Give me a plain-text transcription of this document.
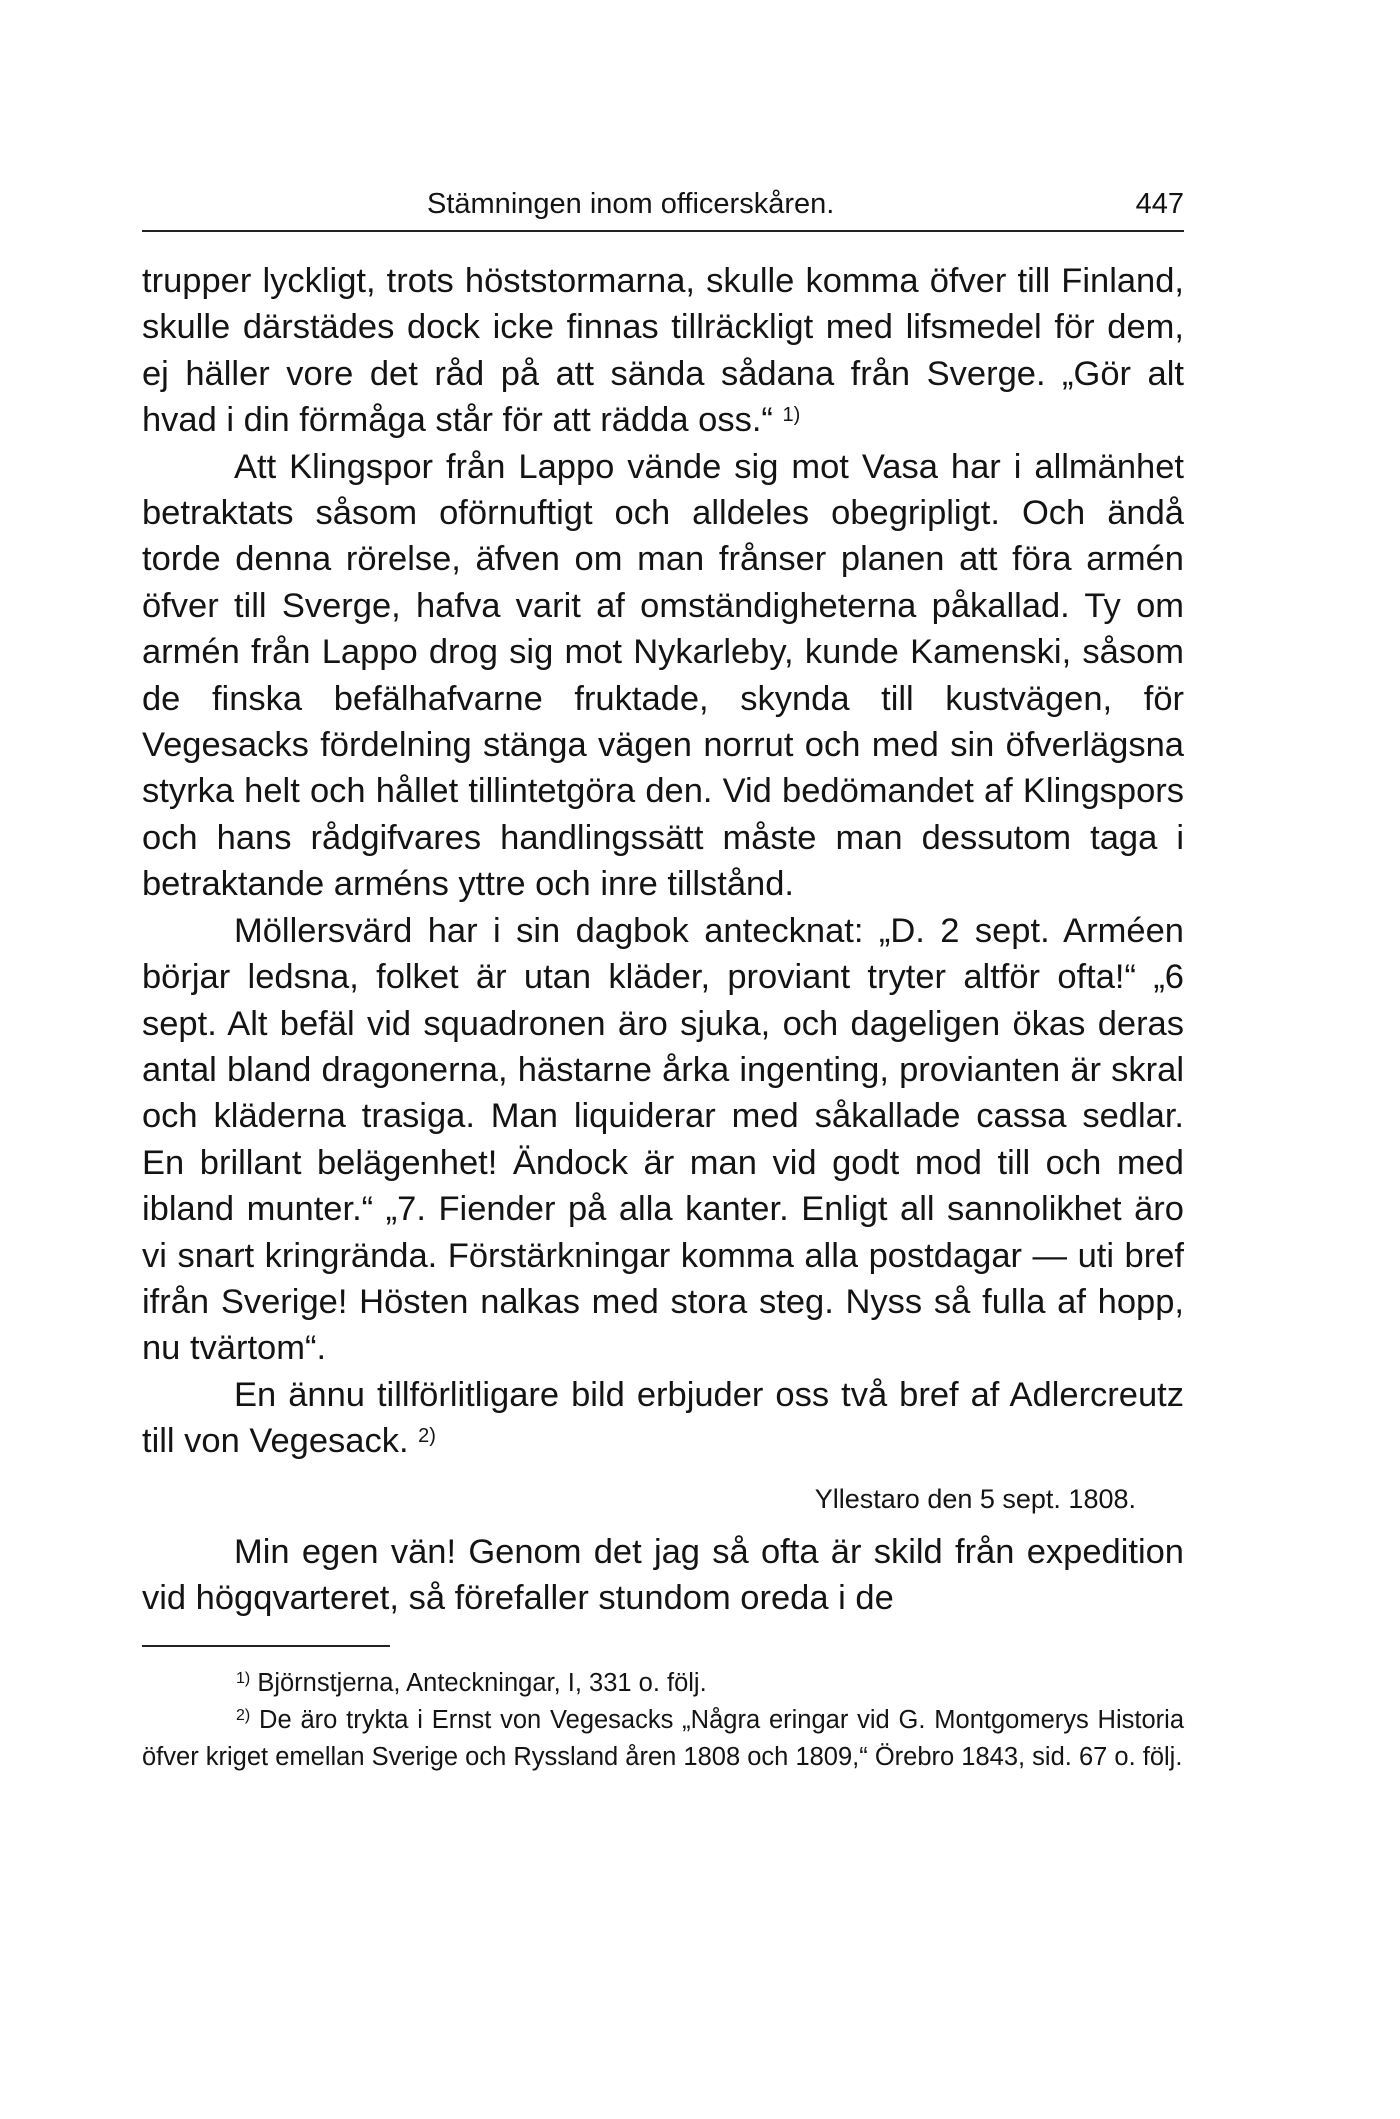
Stämningen inom officerskåren.	447

trupper lyckligt, trots höststormarna, skulle komma öfver till Finland, skulle därstädes dock icke finnas tillräckligt med lifsmedel för dem, ej häller vore det råd på att sända sådana från Sverge. „Gör alt hvad i din förmåga står för att rädda oss.“ $^{1)}$

Att Klingspor från Lappo vände sig mot Vasa har i allmänhet betraktats såsom oförnuftigt och alldeles obegripligt. Och ändå torde denna rörelse, äfven om man frånser planen att föra armén öfver till Sverge, hafva varit af omständigheterna påkallad. Ty om armén från Lappo drog sig mot Nykarleby, kunde Kamenski, såsom de finska befälhafvarne fruktade, skynda till kustvägen, för Vegesacks fördelning stänga vägen norrut och med sin öfverlägsna styrka helt och hållet tillintetgöra den. Vid bedömandet af Klingspors och hans rådgifvares handlingssätt måste man dessutom taga i betraktande arméns yttre och inre tillstånd.

Möllersvärd har i sin dagbok antecknat: „D. 2 sept. Arméen börjar ledsna, folket är utan kläder, proviant tryter altför ofta!“ „6 sept. Alt befäl vid squadronen äro sjuka, och dageligen ökas deras antal bland dragonerna, hästarne årka ingenting, provianten är skral och kläderna trasiga. Man liquiderar med såkallade cassa sedlar. En brillant belägenhet! Ändock är man vid godt mod till och med ibland munter.“ „7. Fiender på alla kanter. Enligt all sannolikhet äro vi snart kringrända. Förstärkningar komma alla postdagar — uti bref ifrån Sverige! Hösten nalkas med stora steg. Nyss så fulla af hopp, nu tvärtom“.

En ännu tillförlitligare bild erbjuder oss två bref af Adlercreutz till von Vegesack. $^{2)}$

Yllestaro den 5 sept. 1808.

Min egen vän! Genom det jag så ofta är skild från expedition vid högqvarteret, så förefaller stundom oreda i de

$^{1)}$ Björnstjerna, Anteckningar, I, 331 o. följ.

$^{2)}$ De äro trykta i Ernst von Vegesacks „Några eringar vid G. Montgomerys Historia öfver kriget emellan Sverige och Ryssland åren 1808 och 1809,“ Örebro 1843, sid. 67 o. följ.
